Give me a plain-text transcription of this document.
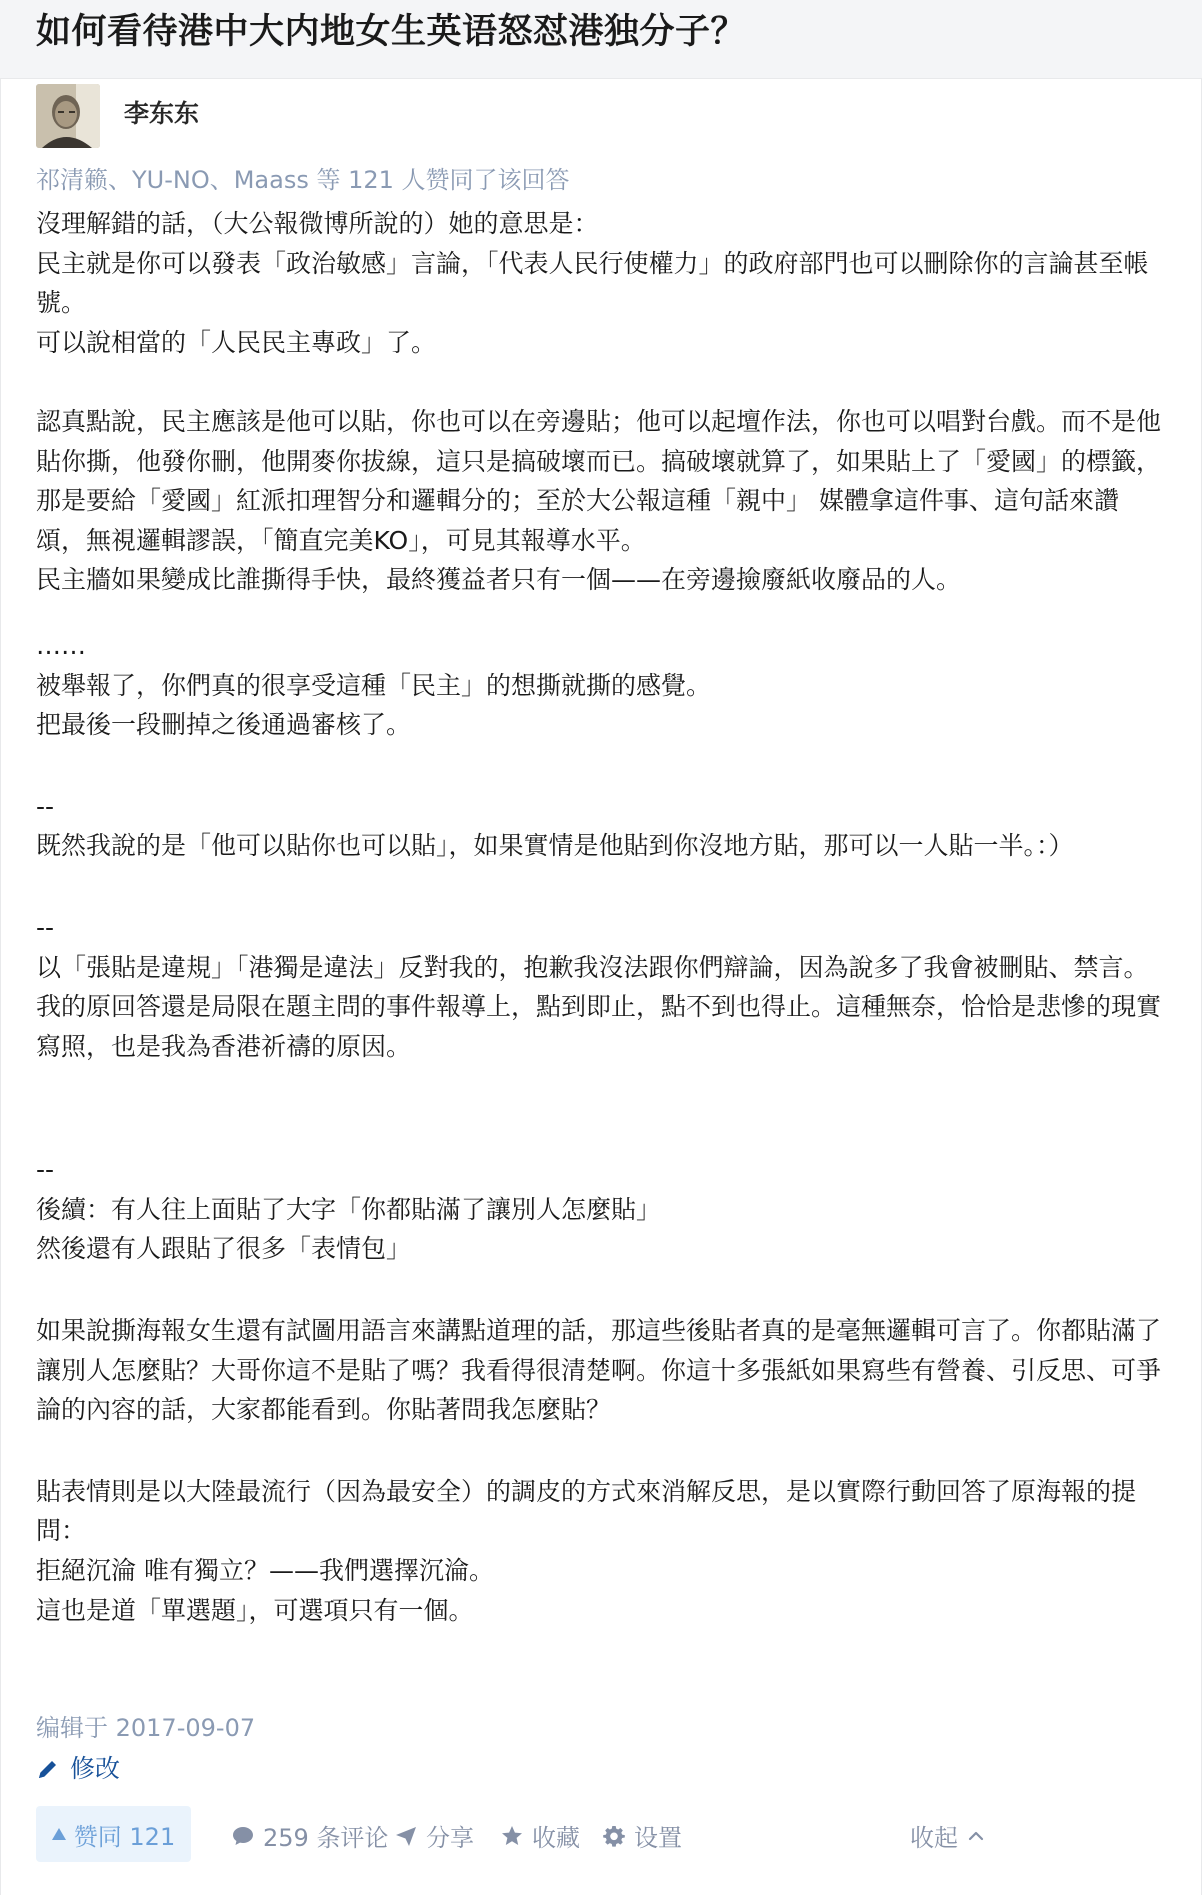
如何看待港中大内地女生英语怒怼港独分子？
李东东
祁清籁、YU-NO、Maass 等 121 人赞同了该回答

沒理解錯的話，（大公報微博所說的）她的意思是：
民主就是你可以發表「政治敏感」言論，「代表人民行使權力」的政府部門也可以刪除你的言論甚至帳號。
可以說相當的「人民民主專政」了。

認真點說，民主應該是他可以貼，你也可以在旁邊貼；他可以起壇作法，你也可以唱對台戲。而不是他貼你撕，他發你刪，他開麥你拔線，這只是搞破壞而已。搞破壞就算了，如果貼上了「愛國」的標籤，那是要給「愛國」紅派扣理智分和邏輯分的；至於大公報這種「親中」 媒體拿這件事、這句話來讚頌，無視邏輯謬誤，「簡直完美KO」，可見其報導水平。
民主牆如果變成比誰撕得手快，最終獲益者只有一個——在旁邊撿廢紙收廢品的人。

……
被舉報了，你們真的很享受這種「民主」的想撕就撕的感覺。
把最後一段刪掉之後通過審核了。

--
既然我說的是「他可以貼你也可以貼」，如果實情是他貼到你沒地方貼，那可以一人貼一半。：）

--
以「張貼是違規」「港獨是違法」反對我的，抱歉我沒法跟你們辯論，因為說多了我會被刪貼、禁言。我的原回答還是局限在題主問的事件報導上，點到即止，點不到也得止。這種無奈，恰恰是悲慘的現實寫照，也是我為香港祈禱的原因。

--
後續：有人往上面貼了大字「你都貼滿了讓別人怎麼貼」
然後還有人跟貼了很多「表情包」

如果說撕海報女生還有試圖用語言來講點道理的話，那這些後貼者真的是毫無邏輯可言了。你都貼滿了讓別人怎麼貼？大哥你這不是貼了嗎？我看得很清楚啊。你這十多張紙如果寫些有營養、引反思、可爭論的內容的話，大家都能看到。你貼著問我怎麼貼？

貼表情則是以大陸最流行（因為最安全）的調皮的方式來消解反思，是以實際行動回答了原海報的提問：
拒絕沉淪 唯有獨立？——我們選擇沉淪。
這也是道「單選題」，可選項只有一個。

编辑于 2017-09-07
修改
赞同 121	259 条评论 分享 收藏 设置	收起
